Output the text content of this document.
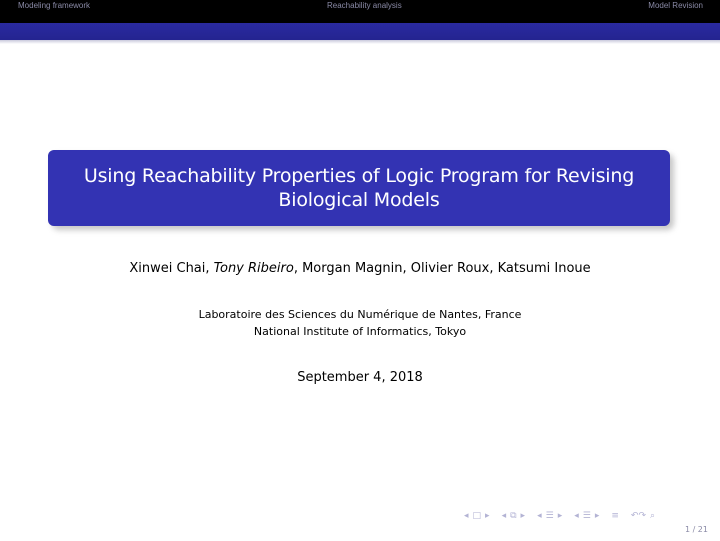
Modeling framework	Reachability analysis	Model Revision
Using Reachability Properties of Logic Program for Revising Biological Models
Xinwei Chai, Tony Ribeiro, Morgan Magnin, Olivier Roux, Katsumi Inoue
Laboratoire des Sciences du Numérique de Nantes, France
National Institute of Informatics, Tokyo
September 4, 2018
◂ □ ▸ ◂ ⧉ ▸ ◂ ☰ ▸ ◂ ☰ ▸ ≡ ↶↷ ⌕
1 / 21
